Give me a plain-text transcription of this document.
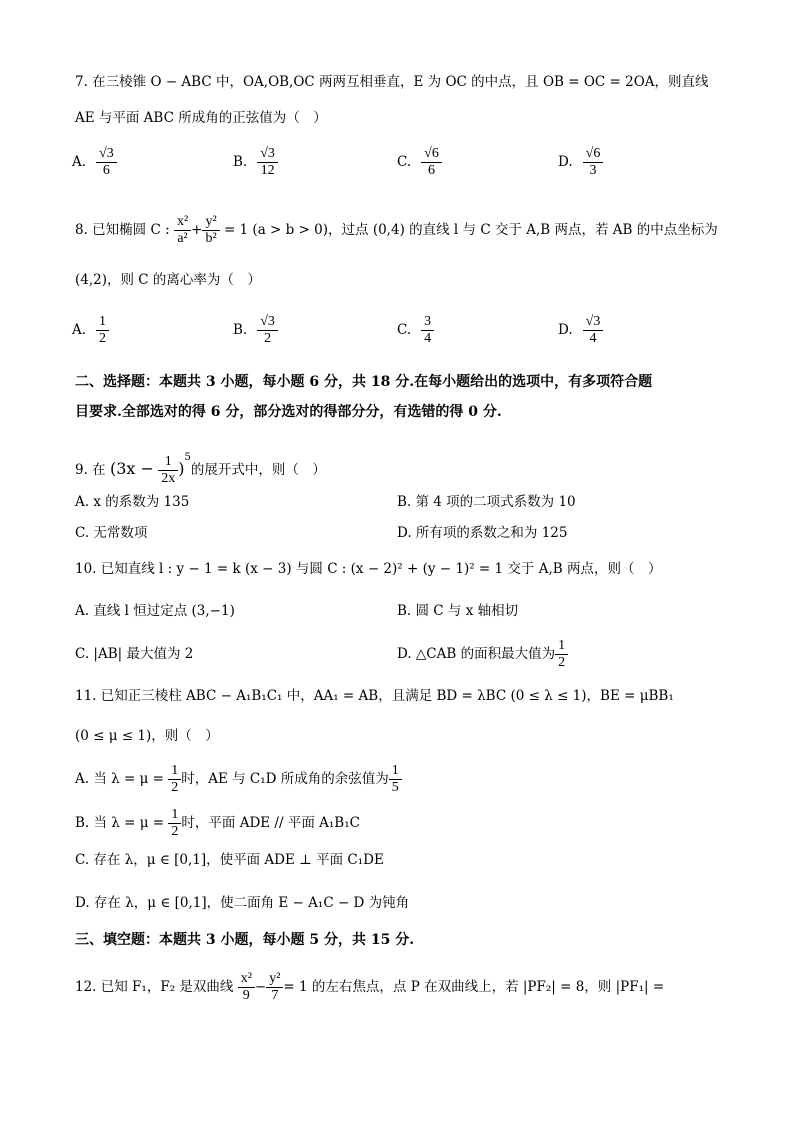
7. 在三棱锥 O − ABC 中，OA,OB,OC 两两互相垂直，E 为 OC 的中点，且 OB = OC = 2OA，则直线
AE 与平面 ABC 所成角的正弦值为（　）
A. $\frac{√3}{6}$	B. $\frac{√3}{12}$	C. $\frac{√6}{6}$	D. $\frac{√6}{3}$
8. 已知椭圆 C : $\frac{\text{x²}}{\text{a²}} + \frac{\text{y²}}{\text{b²}} = 1$ (a > b > 0)，过点 (0,4) 的直线 l 与 C 交于 A,B 两点，若 AB 的中点坐标为
(4,2)，则 C 的离心率为（　）
A. $\frac{1}{2}$	B. $\frac{√3}{2}$	C. $\frac{3}{4}$	D. $\frac{√3}{4}$
二、选择题：本题共 3 小题，每小题 6 分，共 18 分.在每小题给出的选项中，有多项符合题
目要求.全部选对的得 6 分，部分选对的得部分分，有选错的得 0 分.
9. 在 $(3x - \frac{1}{2x} )^5$的展开式中，则（　）
A. x 的系数为 135	B. 第 4 项的二项式系数为 10
C. 无常数项	D. 所有项的系数之和为 125
10. 已知直线 l : y − 1 = k (x − 3) 与圆 C : (x − 2)² + (y − 1)² = 1 交于 A,B 两点，则（　）
A. 直线 l 恒过定点 (3,−1)	B. 圆 C 与 x 轴相切
C. |AB| 最大值为 2	D. △CAB 的面积最大值为 $\frac{1}{2}$
11. 已知正三棱柱 ABC − A₁B₁C₁ 中，AA₁ = AB，且满足 BD = λBC (0 ≤ λ ≤ 1)，BE = μBB₁
(0 ≤ μ ≤ 1)，则（　）
A. 当 $\lambda = \mu = \frac{1}{2}$ 时，AE 与 C₁D 所成角的余弦值为 $\frac{1}{5}$
B. 当 $\lambda = \mu = \frac{1}{2}$ 时，平面 ADE // 平面 A₁B₁C
C. 存在 λ，μ ∈ [0,1]，使平面 ADE ⊥ 平面 C₁DE
D. 存在 λ，μ ∈ [0,1]，使二面角 E − A₁C − D 为钝角
三、填空题：本题共 3 小题，每小题 5 分，共 15 分.
12. 已知 F₁，F₂ 是双曲线 $\frac{\text{x²}}{9} - \frac{\text{y²}}{7} = 1$ 的左右焦点，点 P 在双曲线上，若 |PF₂| = 8，则 |PF₁| =
